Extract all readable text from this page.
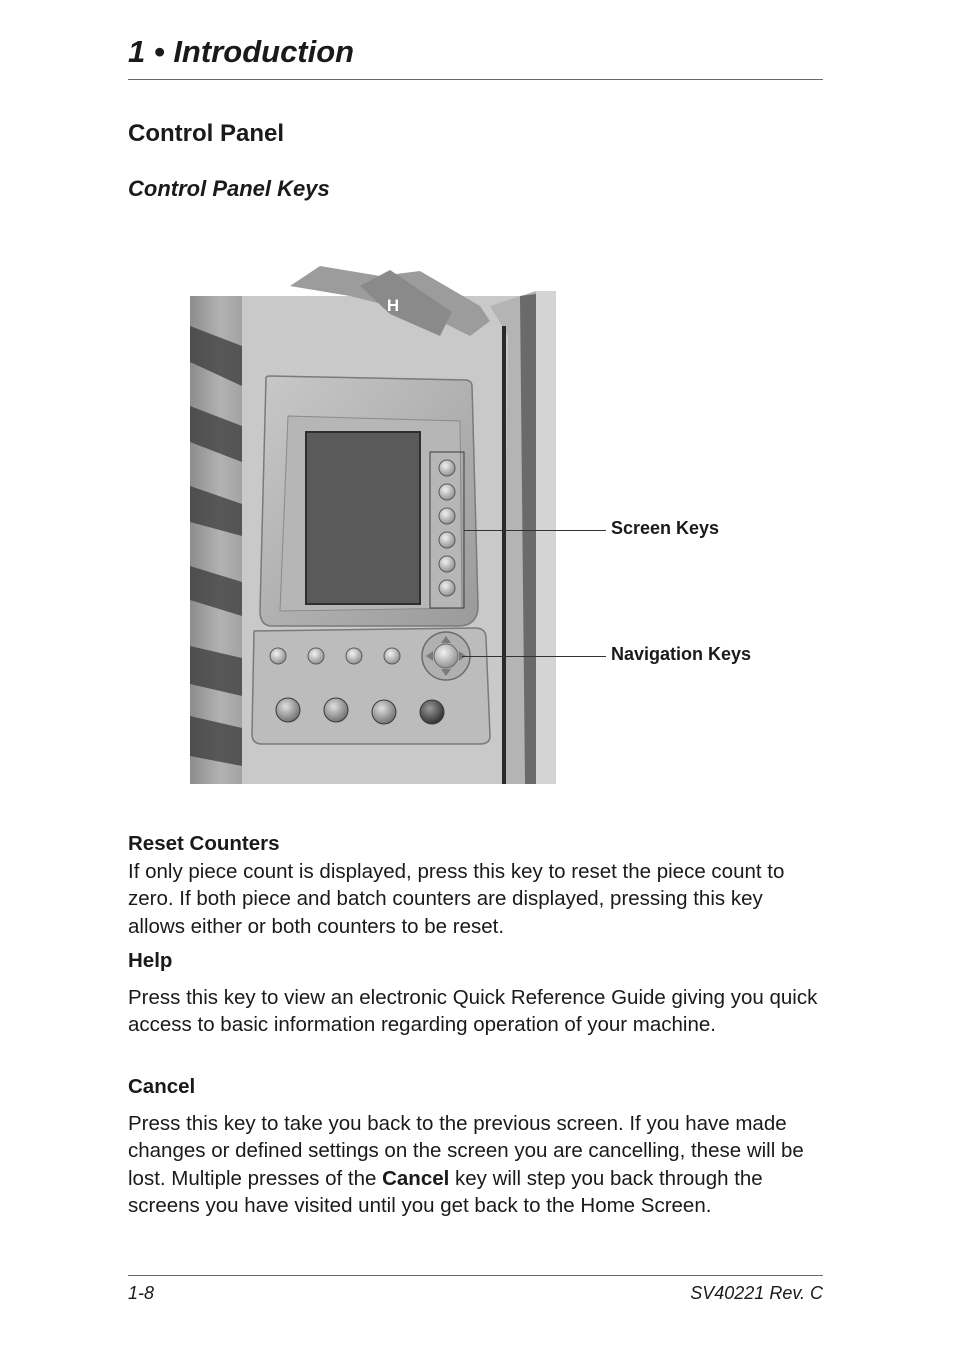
1 • Introduction
Control Panel
Control Panel Keys
H
Screen Keys
Navigation Keys
Reset Counters

If only piece count is displayed, press this key to reset the piece count to zero. If both piece and batch counters are displayed, pressing this key allows either or both counters to be reset.

Help

Press this key to view an electronic Quick Reference Guide giving you quick access to basic information regarding operation of your machine.

Cancel

Press this key to take you back to the previous screen. If you have made changes or defined settings on the screen you are cancelling, these will be lost. Multiple presses of the Cancel key will step you back through the screens you have visited until you get back to the Home Screen.

1-8	SV40221 Rev. C
